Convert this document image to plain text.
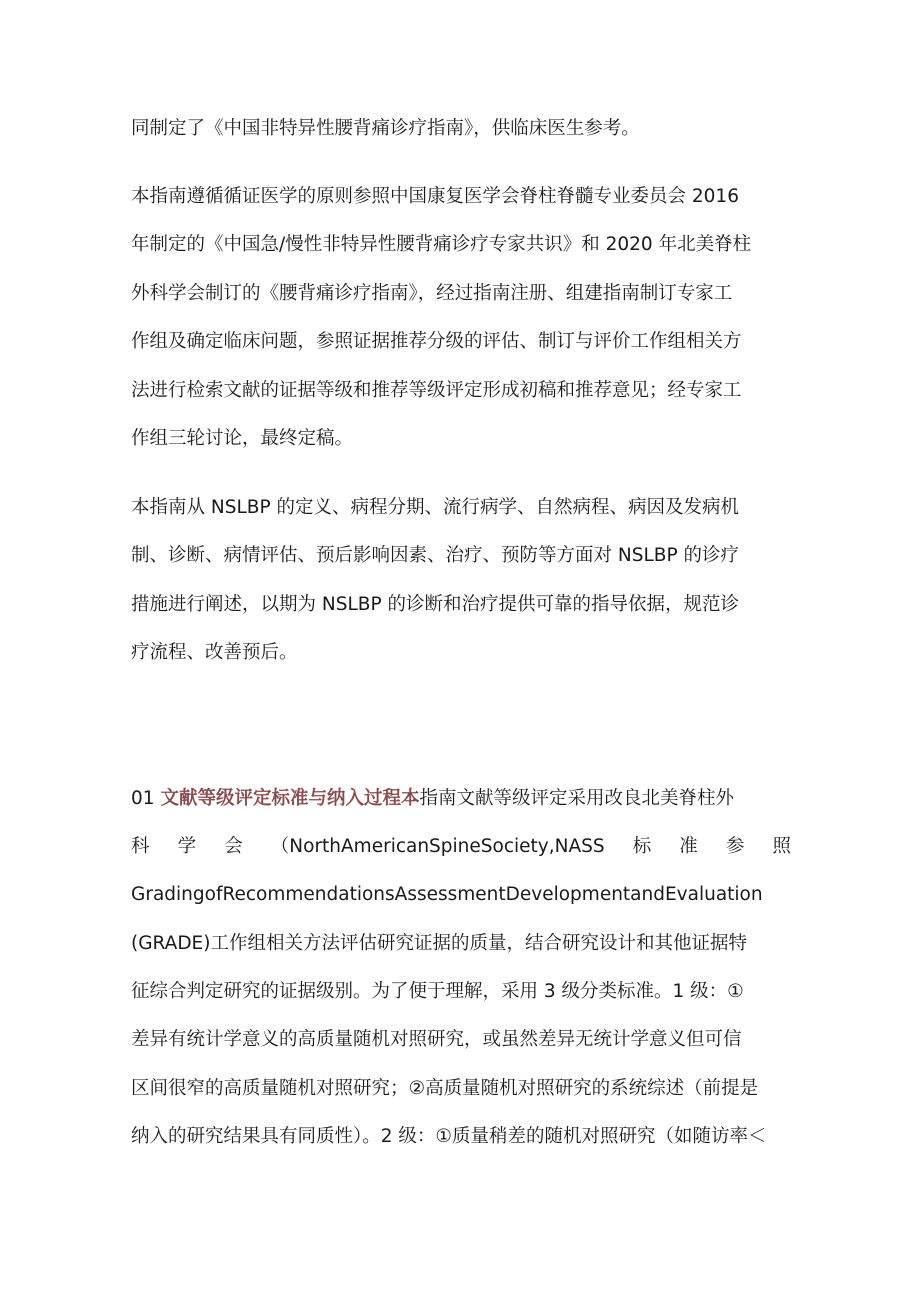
同制定了《中国非特异性腰背痛诊疗指南》，供临床医生参考。
本指南遵循循证医学的原则参照中国康复医学会脊柱脊髓专业委员会 2016
年制定的《中国急/慢性非特异性腰背痛诊疗专家共识》和 2020 年北美脊柱
外科学会制订的《腰背痛诊疗指南》，经过指南注册、组建指南制订专家工
作组及确定临床问题，参照证据推荐分级的评估、制订与评价工作组相关方
法进行检索文献的证据等级和推荐等级评定形成初稿和推荐意见；经专家工
作组三轮讨论，最终定稿。
本指南从 NSLBP 的定义、病程分期、流行病学、自然病程、病因及发病机
制、诊断、病情评估、预后影响因素、治疗、预防等方面对 NSLBP 的诊疗
措施进行阐述，以期为 NSLBP 的诊断和治疗提供可靠的指导依据，规范诊
疗流程、改善预后。
01 文献等级评定标准与纳入过程本指南文献等级评定采用改良北美脊柱外
科 学 会 （NorthAmericanSpineSociety,NASS 标 准 参 照
GradingofRecommendationsAssessmentDevelopmentandEvaluation
(GRADE)工作组相关方法评估研究证据的质量，结合研究设计和其他证据特
征综合判定研究的证据级别。为了便于理解，采用 3 级分类标准。1 级：①
差异有统计学意义的高质量随机对照研究，或虽然差异无统计学意义但可信
区间很窄的高质量随机对照研究；②高质量随机对照研究的系统综述（前提是
纳入的研究结果具有同质性）。2 级：①质量稍差的随机对照研究（如随访率＜
